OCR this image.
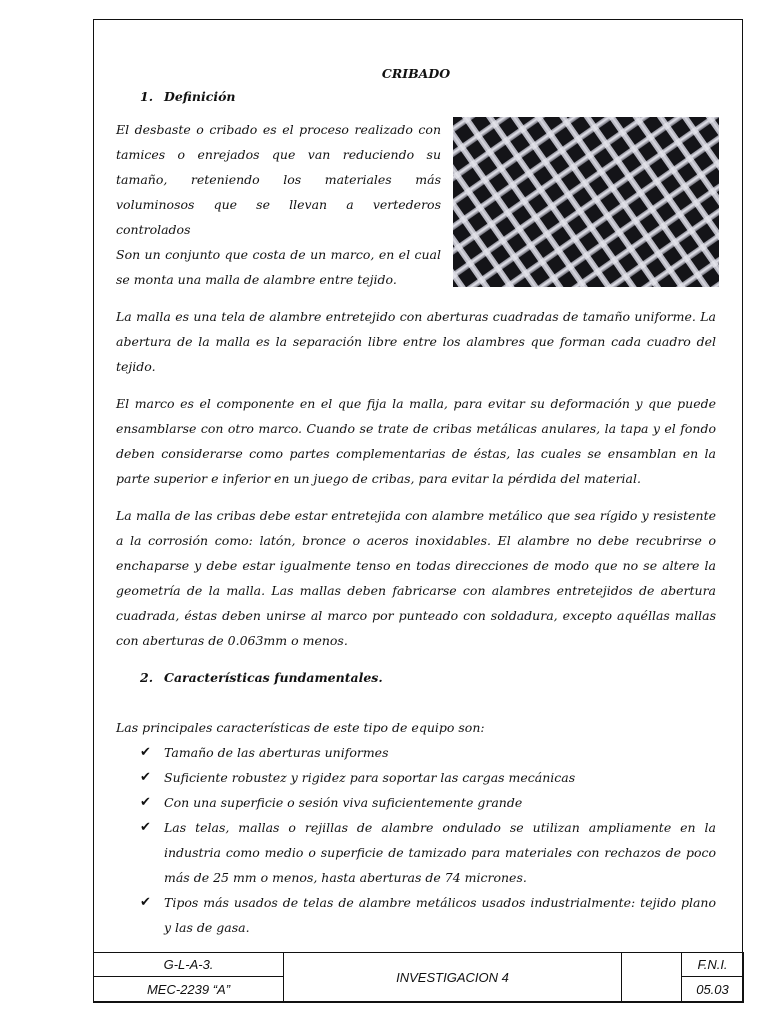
CRIBADO

1. Definición

El desbaste o cribado es el proceso realizado con tamices o enrejados que van reduciendo su tamaño, reteniendo los materiales más voluminosos que se llevan a vertederos controlados

Son un conjunto que costa de un marco, en el cual se monta una malla de alambre entre tejido.

La malla es una tela de alambre entretejido con aberturas cuadradas de tamaño uniforme. La abertura de la malla es la separación libre entre los alambres que forman cada cuadro del tejido.

El marco es el componente en el que fija la malla, para evitar su deformación y que puede ensamblarse con otro marco. Cuando se trate de cribas metálicas anulares, la tapa y el fondo deben considerarse como partes complementarias de éstas, las cuales se ensamblan en la parte superior e inferior en un juego de cribas, para evitar la pérdida del material.

La malla de las cribas debe estar entretejida con alambre metálico que sea rígido y resistente a la corrosión como: latón, bronce o aceros inoxidables. El alambre no debe recubrirse o enchaparse y debe estar igualmente tenso en todas direcciones de modo que no se altere la geometría de la malla. Las mallas deben fabricarse con alambres entretejidos de abertura cuadrada, éstas deben unirse al marco por punteado con soldadura, excepto aquéllas mallas con aberturas de 0.063mm o menos.

2. Características fundamentales.

Las principales características de este tipo de equipo son:

✔ Tamaño de las aberturas uniformes
✔ Suficiente robustez y rigidez para soportar las cargas mecánicas
✔ Con una superficie o sesión viva suficientemente grande
✔ Las telas, mallas o rejillas de alambre ondulado se utilizan ampliamente en la industria como medio o superficie de tamizado para materiales con rechazos de poco más de 25 mm o menos, hasta aberturas de 74 micrones.
✔ Tipos más usados de telas de alambre metálicos usados industrialmente: tejido plano y las de gasa.
G-L-A-3.	INVESTIGACION 4		F.N.I.
MEC-2239 “A”			05.03
